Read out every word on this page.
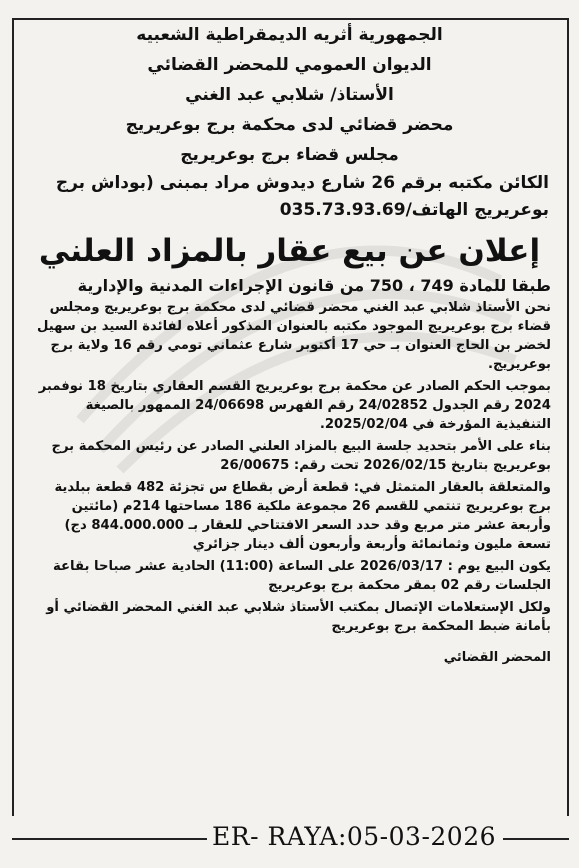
الجمهورية أثريه الديمقراطية الشعبيه
الديوان العمومي للمحضر القضائي
الأستاذ/ شلابي عبد الغني
محضر قضائي لدى محكمة برج بوعريريج
مجلس قضاء برج بوعريريج
الكائن مكتبه برقم 26 شارع ديدوش مراد بمبنى (بوداش برج
بوعريريج الهاتف/035.73.93.69
إعلان عن بيع عقار بالمزاد العلني
طبقا للمادة 749 ، 750 من قانون الإجراءات المدنية والإدارية

نحن الأستاذ شلابي عبد الغني محضر قضائي لدى محكمة برج بوعريريج ومجلس قضاء برج بوعريريج الموجود مكتبه بالعنوان المذكور أعلاه لفائدة السيد بن سهيل لخضر بن الحاج العنوان بـ حي 17 أكتوبر شارع عثماني تومي رقم 16 ولاية برج بوعريريج.

بموجب الحكم الصادر عن محكمة برج بوعريريج القسم العقاري بتاريخ 18 نوفمبر 2024 رقم الجدول 24/02852 رقم الفهرس 24/06698 الممهور بالصيغة التنفيذية المؤرخة في 2025/02/04.

بناء على الأمر بتحديد جلسة البيع بالمزاد العلني الصادر عن رئيس المحكمة برج بوعريريج بتاريخ 2026/02/15 تحت رقم: 26/00675

والمتعلقة بالعقار المتمثل في: قطعة أرض بقطاع س تجزئة 482 قطعة ببلدية برج بوعريريج تنتمي للقسم 26 مجموعة ملكية 186 مساحتها 214م (مائتين وأربعة عشر متر مربع وقد حدد السعر الافتتاحي للعقار بـ 844.000.000 دج) تسعة مليون وثمانمائة وأربعة وأربعون ألف دينار جزائري

يكون البيع يوم : 2026/03/17 على الساعة (11:00) الحادية عشر صباحا بقاعة الجلسات رقم 02 بمقر محكمة برج بوعريريج

ولكل الإستعلامات الإتصال بمكتب الأستاذ شلابي عبد الغني المحضر القضائي أو بأمانة ضبط المحكمة برج بوعريريج

المحضر القضائي
ER- RAYA:05-03-2026
